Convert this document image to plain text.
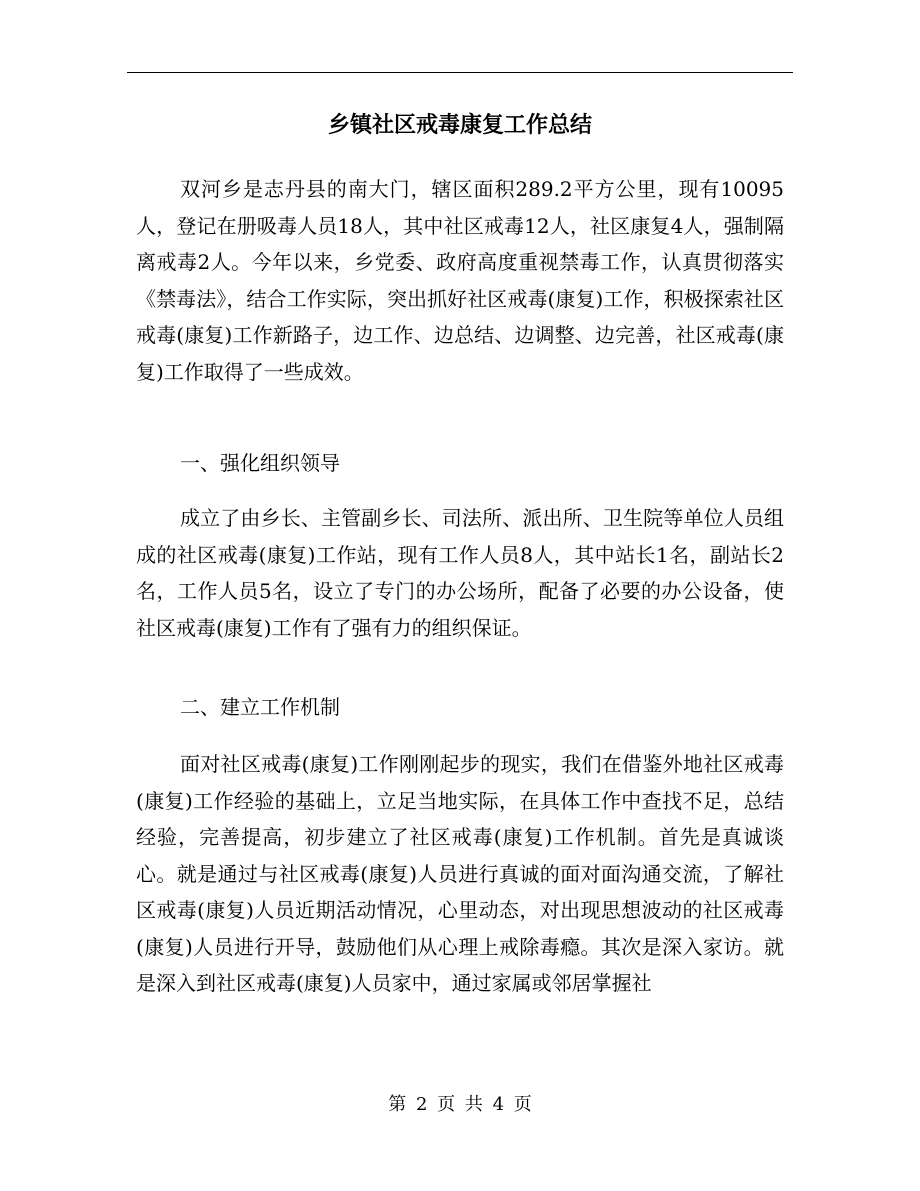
乡镇社区戒毒康复工作总结

双河乡是志丹县的南大门，辖区面积289.2平方公里，现有10095人，登记在册吸毒人员18人，其中社区戒毒12人，社区康复4人，强制隔离戒毒2人。今年以来，乡党委、政府高度重视禁毒工作，认真贯彻落实《禁毒法》，结合工作实际，突出抓好社区戒毒(康复)工作，积极探索社区戒毒(康复)工作新路子，边工作、边总结、边调整、边完善，社区戒毒(康复)工作取得了一些成效。

一、强化组织领导

成立了由乡长、主管副乡长、司法所、派出所、卫生院等单位人员组成的社区戒毒(康复)工作站，现有工作人员8人，其中站长1名，副站长2名，工作人员5名，设立了专门的办公场所，配备了必要的办公设备，使社区戒毒(康复)工作有了强有力的组织保证。

二、建立工作机制

面对社区戒毒(康复)工作刚刚起步的现实，我们在借鉴外地社区戒毒(康复)工作经验的基础上，立足当地实际，在具体工作中查找不足，总结经验，完善提高，初步建立了社区戒毒(康复)工作机制。首先是真诚谈心。就是通过与社区戒毒(康复)人员进行真诚的面对面沟通交流，了解社区戒毒(康复)人员近期活动情况，心里动态，对出现思想波动的社区戒毒(康复)人员进行开导，鼓励他们从心理上戒除毒瘾。其次是深入家访。就是深入到社区戒毒(康复)人员家中，通过家属或邻居掌握社

第 2 页 共 4 页
